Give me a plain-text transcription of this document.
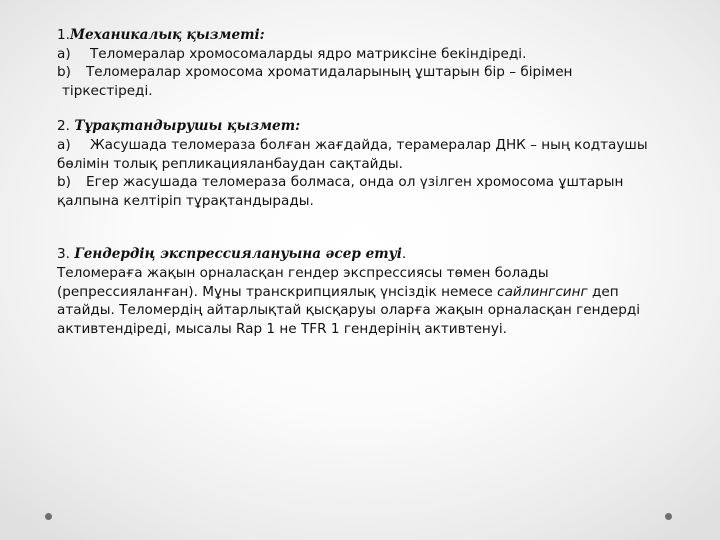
1.Механикалық қызметі:
a) Теломералар хромосомаларды ядро матриксіне бекіндіреді.
b) Теломералар хромосома хроматидаларының ұштарын бір – бірімен
тіркестіреді.
2. Тұрақтандырушы қызмет:
a) Жасушада теломераза болған жағдайда, терамералар ДНК – ның кодтаушы
бөлімін толық репликацияланбаудан сақтайды.
b) Егер жасушада теломераза болмаса, онда ол үзілген хромосома ұштарын
қалпына келтіріп тұрақтандырады.
3. Гендердің экспрессиялануына әсер етуі.
Теломераға жақын орналасқан гендер экспрессиясы төмен болады
(репрессияланған). Мұны транскрипциялық үнсіздік немесе сайлингсинг деп
атайды. Теломердің айтарлықтай қысқаруы оларға жақын орналасқан гендерді
активтендіреді, мысалы Rap 1 не TFR 1 гендерінің активтенуі.
